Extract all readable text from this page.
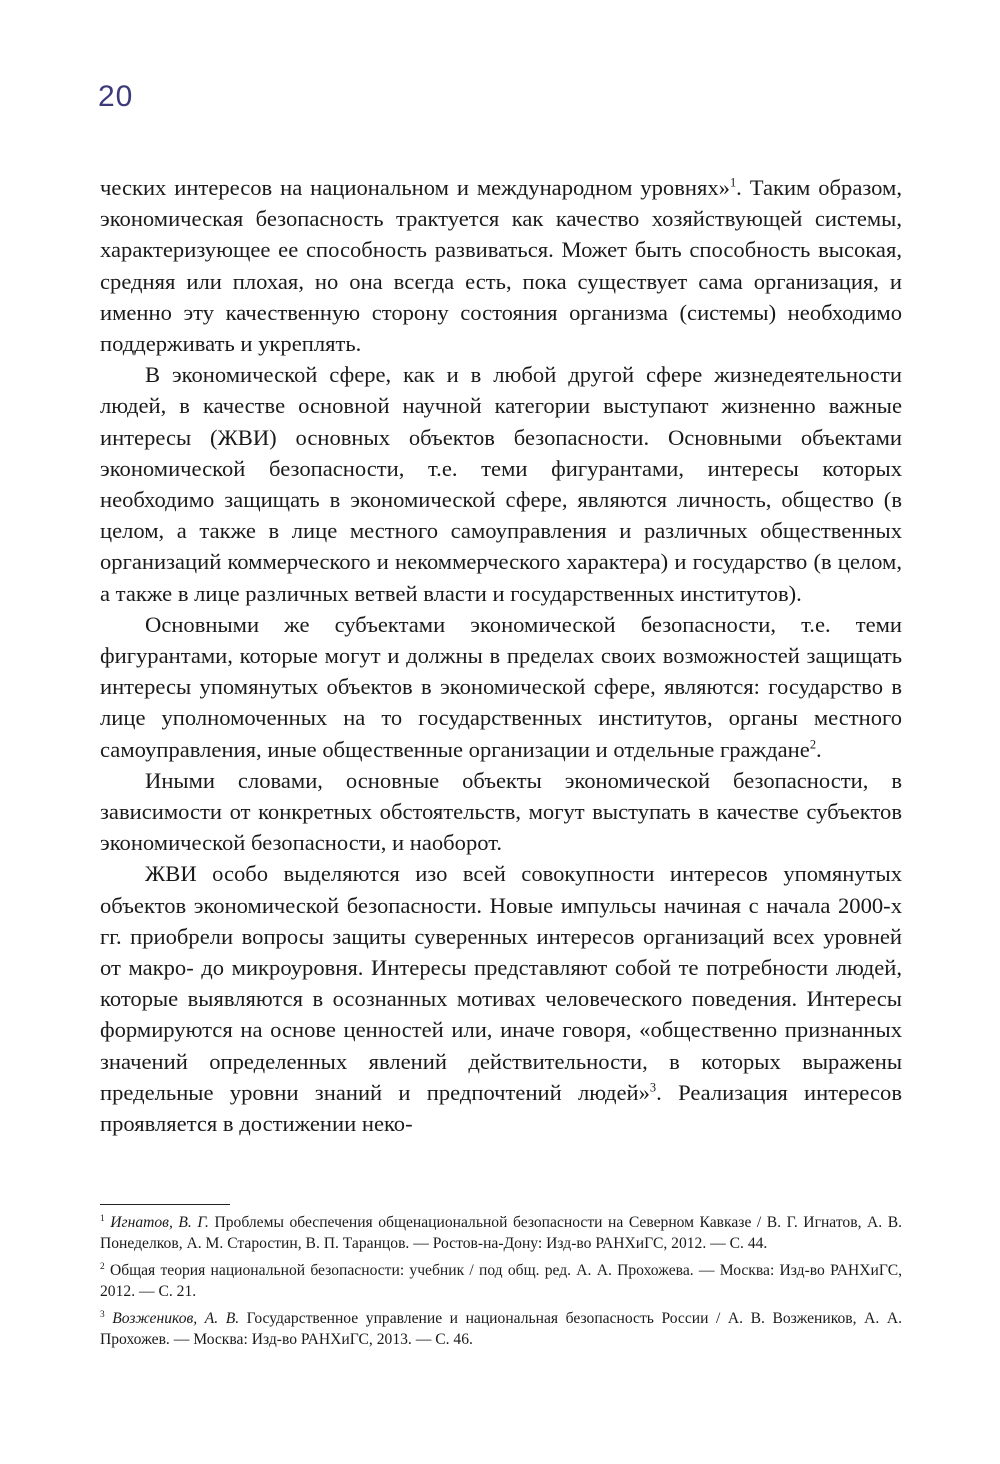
20

ческих интересов на национальном и международном уровнях»$^1$. Таким образом, экономическая безопасность трактуется как качество хозяйствующей системы, характеризующее ее способность развиваться. Может быть способность высокая, средняя или плохая, но она всегда есть, пока существует сама организация, и именно эту качественную сторону состояния организма (системы) необходимо поддерживать и укреплять.

В экономической сфере, как и в любой другой сфере жизнедеятельности людей, в качестве основной научной категории выступают жизненно важные интересы (ЖВИ) основных объектов безопасности. Основными объектами экономической безопасности, т.е. теми фигурантами, интересы которых необходимо защищать в экономической сфере, являются личность, общество (в целом, а также в лице местного самоуправления и различных общественных организаций коммерческого и некоммерческого характера) и государство (в целом, а также в лице различных ветвей власти и государственных институтов).

Основными же субъектами экономической безопасности, т.е. теми фигурантами, которые могут и должны в пределах своих возможностей защищать интересы упомянутых объектов в экономической сфере, являются: государство в лице уполномоченных на то государственных институтов, органы местного самоуправления, иные общественные организации и отдельные граждане$^2$.

Иными словами, основные объекты экономической безопасности, в зависимости от конкретных обстоятельств, могут выступать в качестве субъектов экономической безопасности, и наоборот.

ЖВИ особо выделяются изо всей совокупности интересов упомянутых объектов экономической безопасности. Новые импульсы начиная с начала 2000-х гг. приобрели вопросы защиты суверенных интересов организаций всех уровней от макро- до микроуровня. Интересы представляют собой те потребности людей, которые выявляются в осознанных мотивах человеческого поведения. Интересы формируются на основе ценностей или, иначе говоря, «общественно признанных значений определенных явлений действительности, в которых выражены предельные уровни знаний и предпочтений людей»$^3$. Реализация интересов проявляется в достижении неко-

$^1$ Игнатов, В. Г. Проблемы обеспечения общенациональной безопасности на Северном Кавказе / В. Г. Игнатов, А. В. Понеделков, А. М. Старостин, В. П. Таранцов. — Ростов-на-Дону: Изд-во РАНХиГС, 2012. — С. 44.

$^2$ Общая теория национальной безопасности: учебник / под общ. ред. А. А. Прохожева. — Москва: Изд-во РАНХиГС, 2012. — С. 21.

$^3$ Возжеников, А. В. Государственное управление и национальная безопасность России / А. В. Возжеников, А. А. Прохожев. — Москва: Изд-во РАНХиГС, 2013. — С. 46.
